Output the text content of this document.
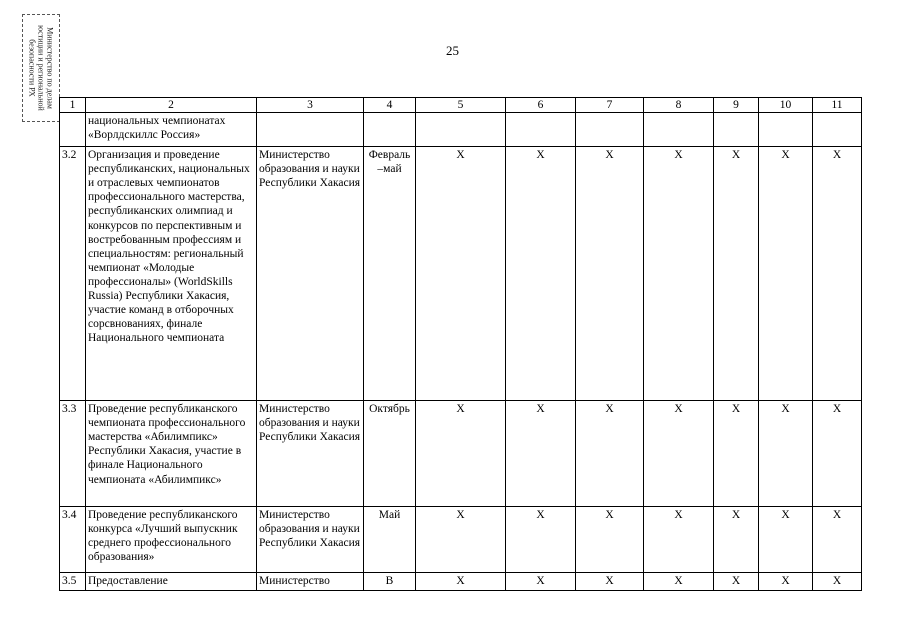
Министерство по делам юстиции и региональной безопасности РХ	25
1	2	3	4	5	6	7	8	9	10	11
	национальных чемпионатах «Ворлдскиллс Россия»									
3.2	Организация и проведение республиканских, национальных и отраслевых чемпионатов профессионального мастерства, республиканских олимпиад и конкурсов по перспективным и востребованным профессиям и специальностям: региональный чемпионат «Молодые профессионалы» (WorldSkills Russia) Республики Хакасия, участие команд в отборочных сорсвнованиях, финале Национального чемпионата	Министерство образования и науки Республики Хакасия	Февраль –май	X	X	X	X	X	X	X
3.3	Проведение республиканского чемпионата профессионального мастерства «Абилимпикс» Республики Хакасия, участие в финале Национального чемпионата «Абилимпикс»	Министерство образования и науки Республики Хакасия	Октябрь	X	X	X	X	X	X	X
3.4	Проведение республиканского конкурса «Лучший выпускник среднего профессионального образования»	Министерство образования и науки Республики Хакасия	Май	X	X	X	X	X	X	X
3.5	Предоставление	Министерство	В	X	X	X	X	X	X	X
